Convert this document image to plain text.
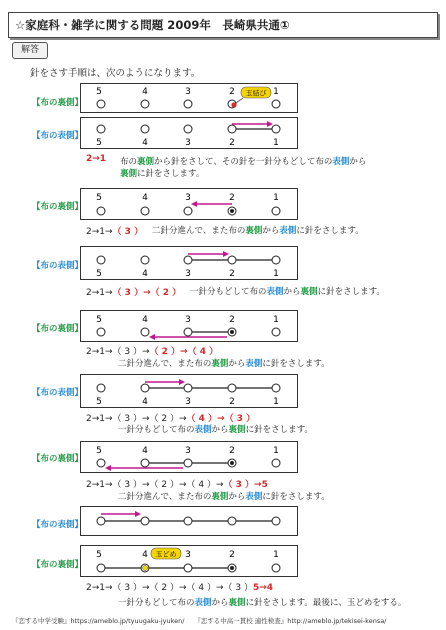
☆家庭科・雑学に関する問題 2009年　長崎県共通①
解答
針をさす手順は、次のようになります。
【布の裏側】
5	4	3	2	1
玉結び
【布の表側】
5	4	3	2	1
2→1 布の裏側から針をさして、その針を一針分もどして布の表側から
裏側に針をさします。
【布の裏側】
5	4	3	2	1
2→1→（ 3 ） 二針分進んで、また布の裏側から表側に針をさします。
【布の表側】
5	4	3	2	1
2→1→（ 3 ）→（ 2 ） 一針分もどして布の表側から裏側に針をさします。
【布の裏側】
5	4	3	2	1
2→1→（ 3 ）→（ 2 ）→（ 4 ）
二針分進んで、また布の裏側から表側に針をさします。
【布の表側】
5	4	3	2	1
2→1→（ 3 ）→（ 2 ）→（ 4 ）→（ 3 ）
一針分もどして布の表側から裏側に針をさします。
【布の裏側】
5	4	3	2	1
2→1→（ 3 ）→（ 2 ）→（ 4 ）→（ 3 ）→5
二針分進んで、また布の裏側から表側に針をさします。
【布の表側】
【布の裏側】
5	4	3	2	1
玉どめ
2→1→（ 3 ）→（ 2 ）→（ 4 ）→（ 3 ）5→4
一針分もどして布の表側から裏側に針をさします。最後に、玉どめをする。
『恋する中学受験』https://ameblo.jp/tyuugaku-jyuken/　　『恋する中高一貫校 適性検査』http://ameblo.jp/tekisei-kensa/
